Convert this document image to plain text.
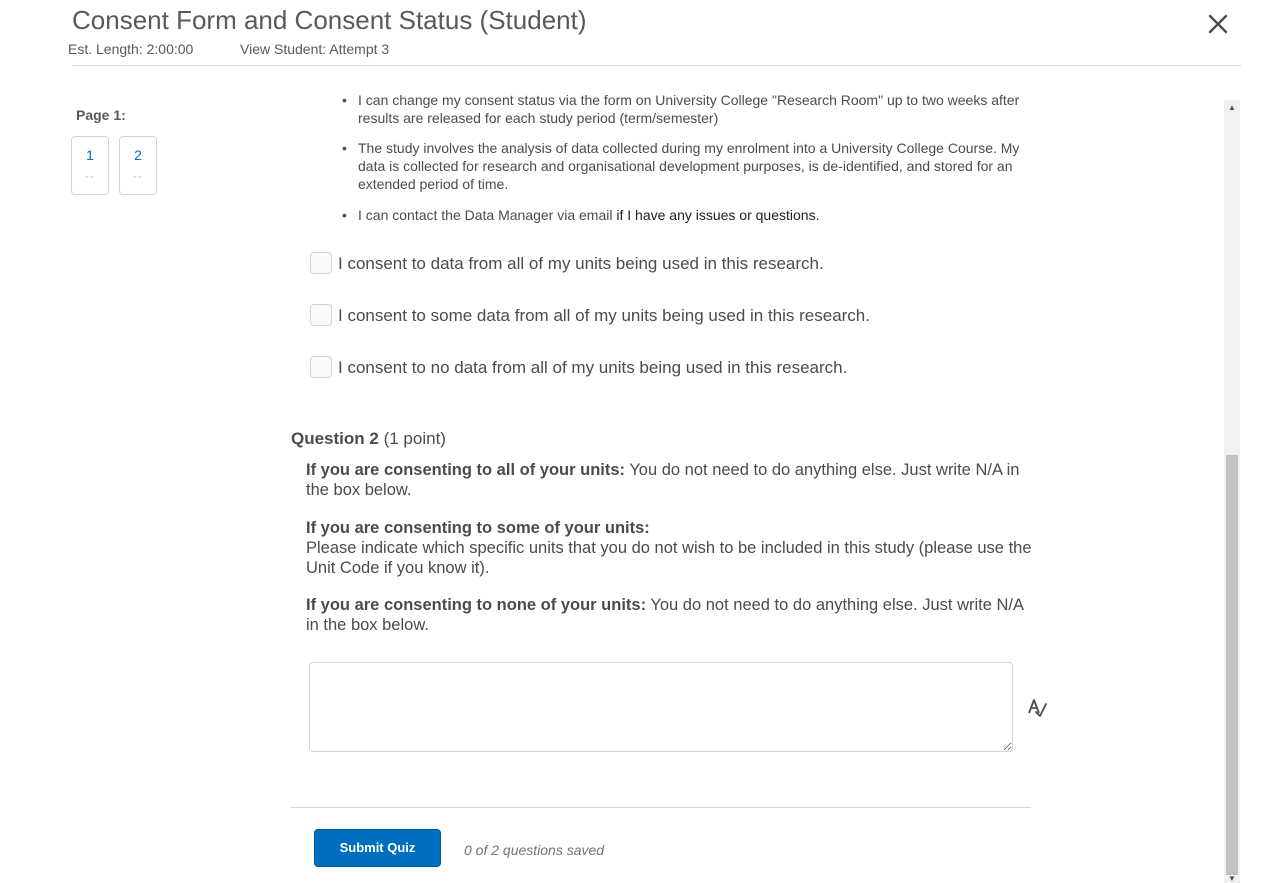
Consent Form and Consent Status (Student)
Est. Length: 2:00:00	View Student: Attempt 3
Page 1:
1
--
2
--
• I can change my consent status via the form on University College "Research Room" up to two weeks after results are released for each study period (term/semester)
• The study involves the analysis of data collected during my enrolment into a University College Course. My data is collected for research and organisational development purposes, is de-identified, and stored for an extended period of time.
• I can contact the Data Manager via email if I have any issues or questions.
I consent to data from all of my units being used in this research.
I consent to some data from all of my units being used in this research.
I consent to no data from all of my units being used in this research.
Question 2 (1 point)
If you are consenting to all of your units: You do not need to do anything else. Just write N/A in the box below.
If you are consenting to some of your units:
Please indicate which specific units that you do not wish to be included in this study (please use the Unit Code if you know it).
If you are consenting to none of your units: You do not need to do anything else. Just write N/A in the box below.
Submit Quiz	0 of 2 questions saved
▲
▼
